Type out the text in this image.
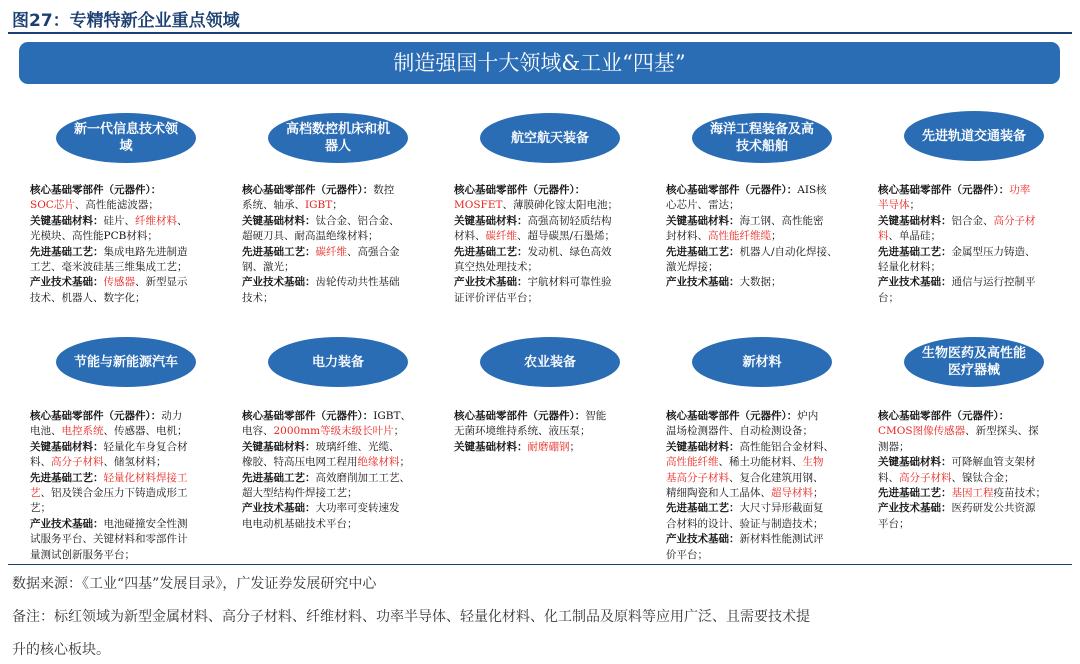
图27：专精特新企业重点领域
制造强国十大领域&工业“四基”
新一代信息技术领域
核心基础零部件（元器件）：
SOC芯片、高性能滤波器；
关键基础材料：硅片、纤维材料、
光模块、高性能PCB材料；
先进基础工艺：集成电路先进制造
工艺、毫米波硅基三维集成工艺；
产业技术基础：传感器、新型显示
技术、机器人、数字化；
高档数控机床和机器人
核心基础零部件（元器件）：数控
系统、轴承、IGBT；
关键基础材料：钛合金、铝合金、
超硬刀具、耐高温绝缘材料；
先进基础工艺：碳纤维、高强合金
钢、激光；
产业技术基础：齿轮传动共性基础
技术；
航空航天装备
核心基础零部件（元器件）：
MOSFET、薄膜砷化镓太阳电池；
关键基础材料：高强高韧轻质结构
材料、碳纤维、超导碳黑/石墨烯；
先进基础工艺：发动机、绿色高效
真空热处理技术；
产业技术基础：宇航材料可靠性验
证评价评估平台；
海洋工程装备及高技术船舶
核心基础零部件（元器件）：AIS核
心芯片、雷达；
关键基础材料：海工钢、高性能密
封材料、高性能纤维缆；
先进基础工艺：机器人/自动化焊接、
激光焊接；
产业技术基础：大数据；
先进轨道交通装备
核心基础零部件（元器件）：功率
半导体；
关键基础材料：铝合金、高分子材
料、单晶硅；
先进基础工艺：金属型压力铸造、
轻量化材料；
产业技术基础：通信与运行控制平
台；
节能与新能源汽车
核心基础零部件（元器件）：动力
电池、电控系统、传感器、电机；
关键基础材料：轻量化车身复合材
料、高分子材料、储氢材料；
先进基础工艺：轻量化材料焊接工
艺、铝及镁合金压力下铸造成形工
艺；
产业技术基础：电池碰撞安全性测
试服务平台、关键材料和零部件计
量测试创新服务平台；
电力装备
核心基础零部件（元器件）：IGBT、
电容、2000mm等级末级长叶片；
关键基础材料：玻璃纤维、光缆、
橡胶、特高压电网工程用绝缘材料；
先进基础工艺：高效磨削加工工艺、
超大型结构件焊接工艺；
产业技术基础：大功率可变转速发
电电动机基础技术平台；
农业装备
核心基础零部件（元器件）：智能
无菌环境维持系统、液压泵；
关键基础材料：耐磨硼钢；
新材料
核心基础零部件（元器件）：炉内
温场检测器件、自动检测设备；
关键基础材料：高性能铝合金材料、
高性能纤维、稀土功能材料、生物
基高分子材料、复合化建筑用钢、
精细陶瓷和人工晶体、超导材料；
先进基础工艺：大尺寸异形截面复
合材料的设计、验证与制造技术；
产业技术基础：新材料性能测试评
价平台；
生物医药及高性能医疗器械
核心基础零部件（元器件）：
CMOS图像传感器、新型探头、探
测器；
关键基础材料：可降解血管支架材
料、高分子材料、镍钛合金；
先进基础工艺：基因工程疫苗技术；
产业技术基础：医药研发公共资源
平台；
数据来源：《工业“四基”发展目录》，广发证券发展研究中心
备注：标红领域为新型金属材料、高分子材料、纤维材料、功率半导体、轻量化材料、化工制品及原料等应用广泛、且需要技术提
升的核心板块。
